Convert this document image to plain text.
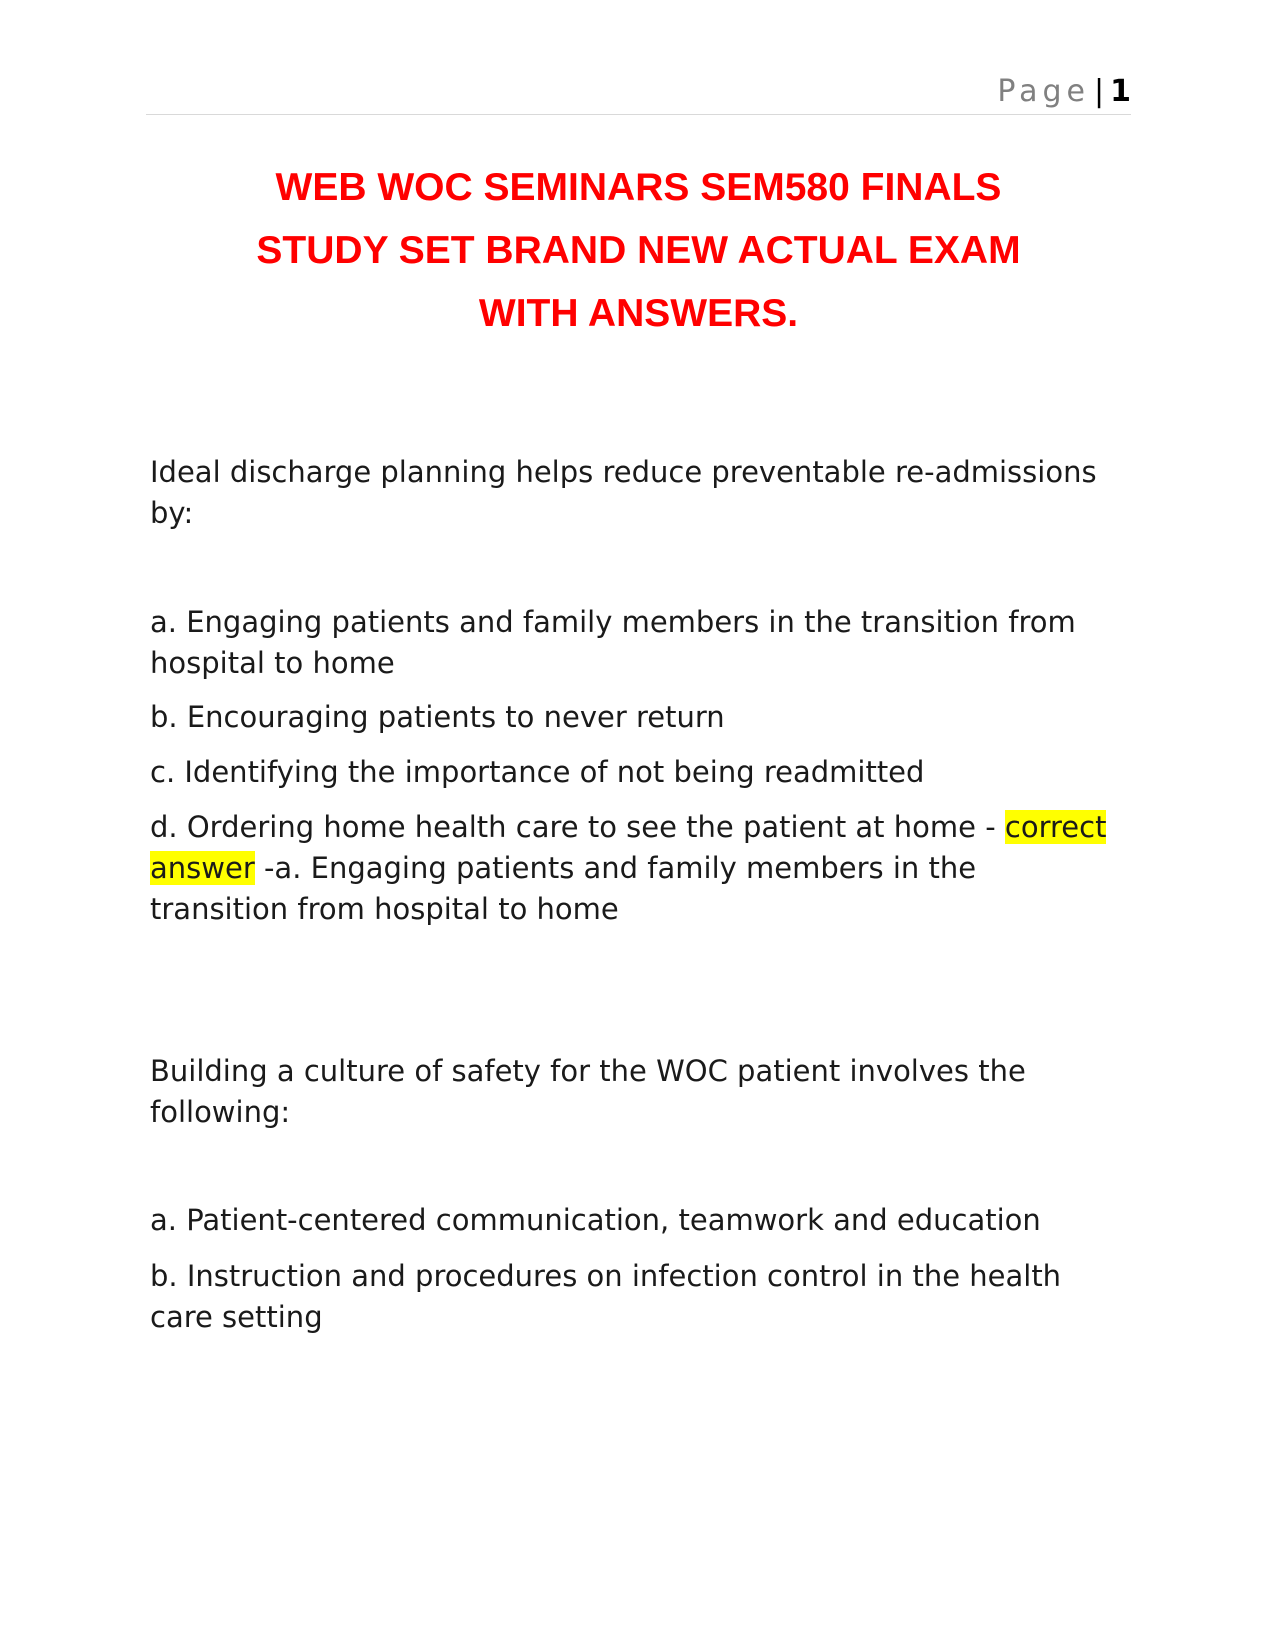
Page | 1
WEB WOC SEMINARS SEM580 FINALS
STUDY SET BRAND NEW ACTUAL EXAM
WITH ANSWERS.

Ideal discharge planning helps reduce preventable re-admissions by:

a. Engaging patients and family members in the transition from hospital to home

b. Encouraging patients to never return

c. Identifying the importance of not being readmitted

d. Ordering home health care to see the patient at home - correct answer -a. Engaging patients and family members in the transition from hospital to home

Building a culture of safety for the WOC patient involves the following:

a. Patient-centered communication, teamwork and education

b. Instruction and procedures on infection control in the health care setting
